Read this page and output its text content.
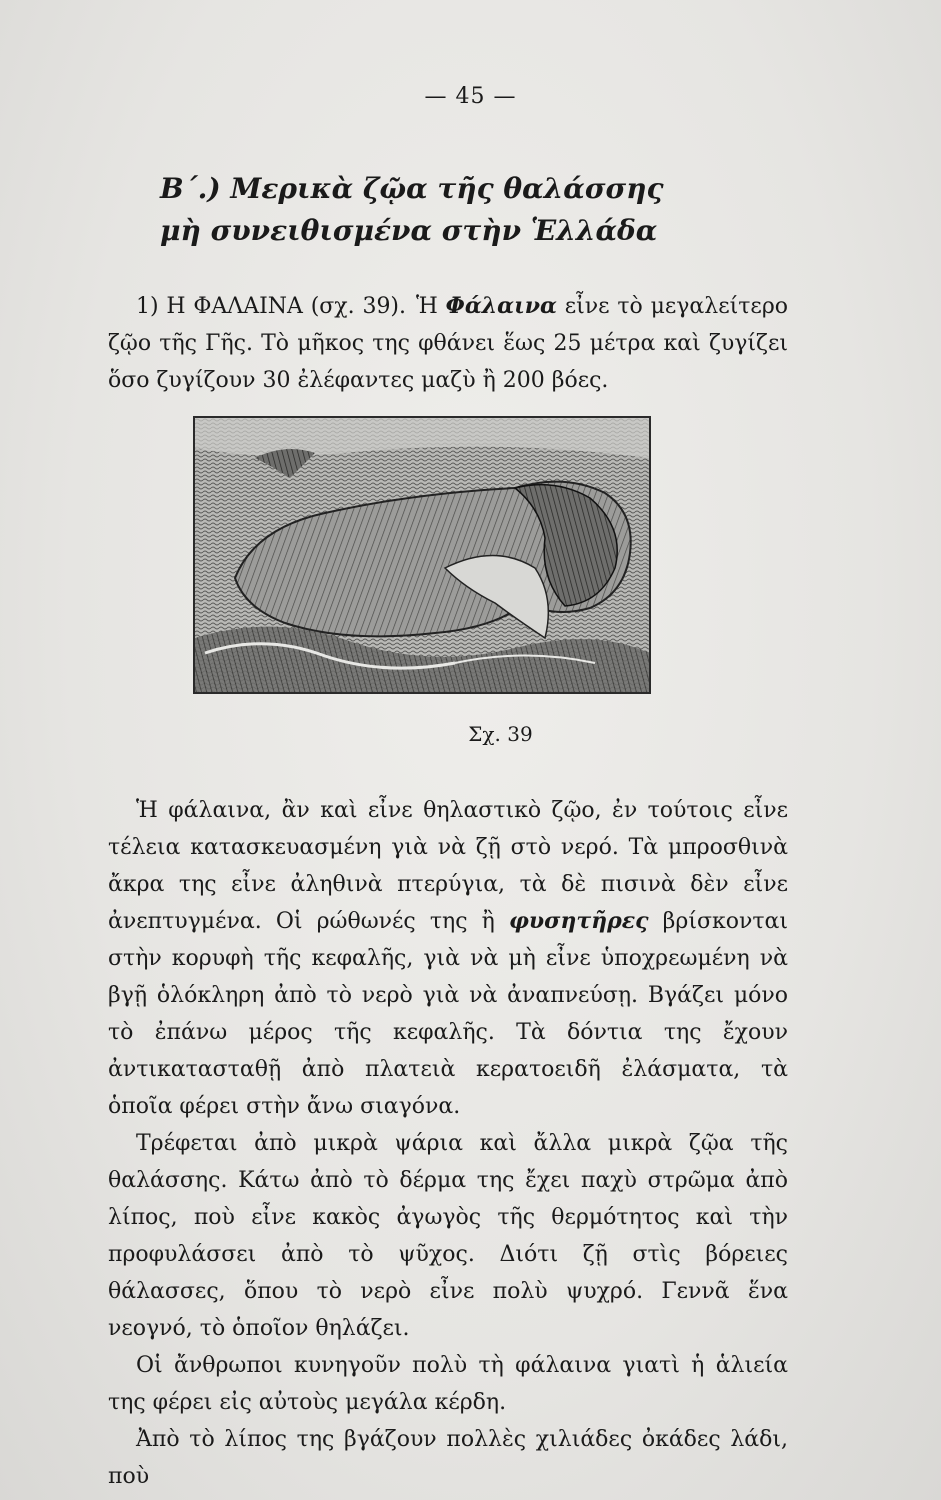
— 45 —
Β΄.) Μερικὰ ζῷα τῆς θαλάσσης
μὴ συνειθισμένα στὴν Ἑλλάδα

1) Η ΦΑΛΑΙΝΑ (σχ. 39). Ἡ Φάλαινα εἶνε τὸ μεγαλείτερο ζῷο τῆς Γῆς. Τὸ μῆκος της φθάνει ἕως 25 μέτρα καὶ ζυγίζει ὅσο ζυγίζουν 30 ἐλέφαντες μαζὺ ἢ 200 βόες.

Σχ. 39

Ἡ φάλαινα, ἂν καὶ εἶνε θηλαστικὸ ζῷο, ἐν τούτοις εἶνε τέλεια κατασκευασμένη γιὰ νὰ ζῇ στὸ νερό. Τὰ μπροσθινὰ ἄκρα της εἶνε ἀληθινὰ πτερύγια, τὰ δὲ πισινὰ δὲν εἶνε ἀνεπτυγμένα. Οἱ ρώθωνές της ἢ φυσητῆρες βρίσκονται στὴν κορυφὴ τῆς κεφαλῆς, γιὰ νὰ μὴ εἶνε ὑποχρεωμένη νὰ βγῇ ὁλόκληρη ἀπὸ τὸ νερὸ γιὰ νὰ ἀναπνεύσῃ. Βγάζει μόνο τὸ ἐπάνω μέρος τῆς κεφαλῆς. Τὰ δόντια της ἔχουν ἀντικατασταθῇ ἀπὸ πλατειὰ κερατοειδῆ ἐλάσματα, τὰ ὁποῖα φέρει στὴν ἄνω σιαγόνα.

Τρέφεται ἀπὸ μικρὰ ψάρια καὶ ἄλλα μικρὰ ζῷα τῆς θαλάσσης. Κάτω ἀπὸ τὸ δέρμα της ἔχει παχὺ στρῶμα ἀπὸ λίπος, ποὺ εἶνε κακὸς ἀγωγὸς τῆς θερμότητος καὶ τὴν προφυλάσσει ἀπὸ τὸ ψῦχος. Διότι ζῇ στὶς βόρειες θάλασσες, ὅπου τὸ νερὸ εἶνε πολὺ ψυχρό. Γεννᾶ ἕνα νεογνό, τὸ ὁποῖον θηλάζει.

Οἱ ἄνθρωποι κυνηγοῦν πολὺ τὴ φάλαινα γιατὶ ἡ ἁλιεία της φέρει εἰς αὐτοὺς μεγάλα κέρδη.

Ἀπὸ τὸ λίπος της βγάζουν πολλὲς χιλιάδες ὀκάδες λάδι, ποὺ
